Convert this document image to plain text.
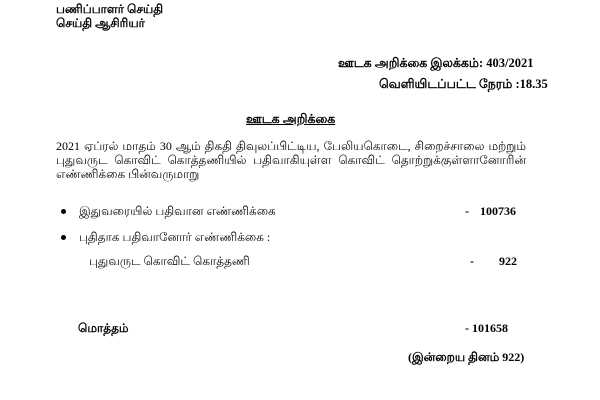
பணிப்பாளர் செய்தி
செய்தி ஆசிரியர்
ஊடக அறிக்கை இலக்கம்: 403/2021
வெளியிடப்பட்ட நேரம் :18.35
ஊடக அறிக்கை
2021 ஏப்ரல் மாதம் 30 ஆம் திகதி திவுலப்பிட்டிய, பேலியகொடை, சிறைச்சாலை மற்றும் புதுவருட கொவிட் கொத்தணியில் பதிவாகியுள்ள கொவிட் தொற்றுக்குள்ளானோரின் எண்ணிக்கை பின்வருமாறு
இதுவரையில் பதிவான எண்ணிக்கை	- 100736
புதிதாக பதிவானோர் எண்ணிக்கை :
புதுவருட கொவிட் கொத்தணி	- 922
மொத்தம்	- 101658
(இன்றைய தினம் 922)
